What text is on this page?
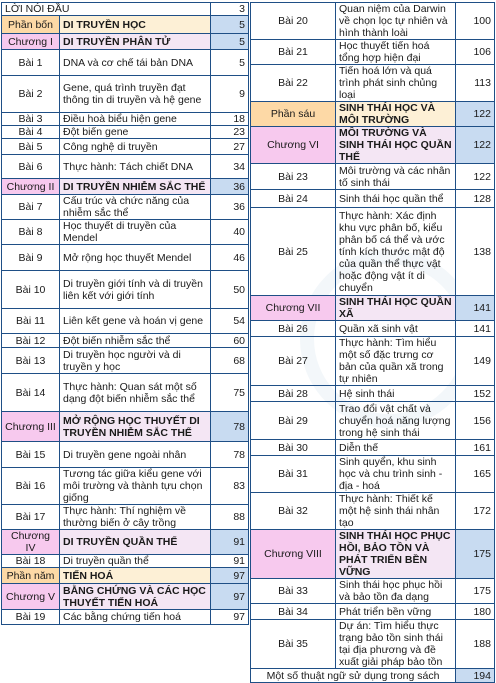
LỜI NÓI ĐẦU		3
Phần bốn	DI TRUYỀN HỌC	5
Chương I	DI TRUYỀN PHÂN TỬ	5
Bài 1	DNA và cơ chế tái bản DNA	5
Bài 2	Gene, quá trình truyền đạt thông tin di truyền và hệ gene	9
Bài 3	Điều hoà biểu hiện gene	18
Bài 4	Đột biến gene	23
Bài 5	Công nghệ di truyền	27
Bài 6	Thực hành: Tách chiết DNA	34
Chương II	DI TRUYỀN NHIỄM SẮC THỂ	36
Bài 7	Cấu trúc và chức năng của nhiễm sắc thể	36
Bài 8	Học thuyết di truyền của Mendel	40
Bài 9	Mở rộng học thuyết Mendel	46
Bài 10	Di truyền giới tính và di truyền liên kết với giới tính	50
Bài 11	Liên kết gene và hoán vị gene	54
Bài 12	Đột biến nhiễm sắc thể	60
Bài 13	Di truyền học người và di truyền y học	68
Bài 14	Thực hành: Quan sát một số dạng đột biến nhiễm sắc thể	75
Chương III	MỞ RỘNG HỌC THUYẾT DI TRUYỀN NHIỄM SẮC THỂ	78
Bài 15	Di truyền gene ngoài nhân	78
Bài 16	Tương tác giữa kiểu gene với môi trường và thành tựu chọn giống	83
Bài 17	Thực hành: Thí nghiệm về thường biến ở cây trồng	88
Chương IV	DI TRUYỀN QUẦN THỂ	91
Bài 18	Di truyền quần thể	91
Phần năm	TIẾN HOÁ	97
Chương V	BẰNG CHỨNG VÀ CÁC HỌC THUYẾT TIẾN HOÁ	97
Bài 19	Các bằng chứng tiến hoá	97
Bài 20	Quan niệm của Darwin về chọn lọc tự nhiên và hình thành loài	100
Bài 21	Học thuyết tiến hoá tổng hợp hiện đại	106
Bài 22	Tiến hoá lớn và quá trình phát sinh chủng loại	113
Phần sáu	SINH THÁI HỌC VÀ MÔI TRƯỜNG	122
Chương VI	MÔI TRƯỜNG VÀ SINH THÁI HỌC QUẦN THỂ	122
Bài 23	Môi trường và các nhân tố sinh thái	122
Bài 24	Sinh thái học quần thể	128
Bài 25	Thực hành: Xác định khu vực phân bố, kiểu phân bố cá thể và ước tính kích thước mật độ của quần thể thực vật hoặc động vật ít di chuyển	138
Chương VII	SINH THÁI HỌC QUẦN XÃ	141
Bài 26	Quần xã sinh vật	141
Bài 27	Thực hành: Tìm hiểu một số đặc trưng cơ bản của quần xã trong tự nhiên	149
Bài 28	Hệ sinh thái	152
Bài 29	Trao đổi vật chất và chuyển hoá năng lượng trong hệ sinh thái	156
Bài 30	Diễn thế	161
Bài 31	Sinh quyển, khu sinh học và chu trình sinh - địa - hoá	165
Bài 32	Thực hành: Thiết kế một hệ sinh thái nhân tạo	172
Chương VIII	SINH THÁI HỌC PHỤC HỒI, BẢO TỒN VÀ PHÁT TRIỂN BỀN VỮNG	175
Bài 33	Sinh thái học phục hồi và bảo tồn đa dạng	175
Bài 34	Phát triển bền vững	180
Bài 35	Dự án: Tìm hiểu thực trạng bảo tồn sinh thái tại địa phương và đề xuất giải pháp bảo tồn	188
Một số thuật ngữ sử dụng trong sách		194
